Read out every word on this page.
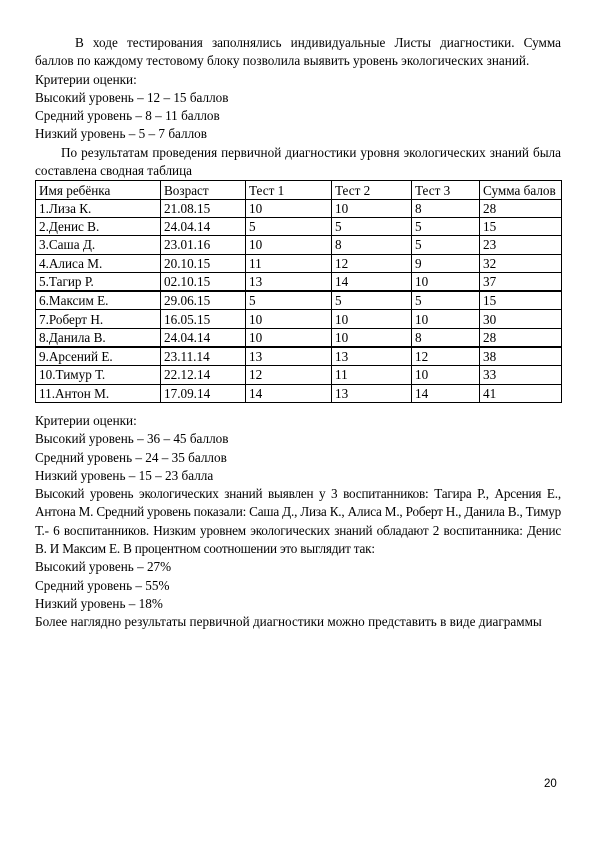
В ходе тестирования заполнялись индивидуальные Листы диагностики. Сумма баллов по каждому тестовому блоку позволила выявить уровень экологических знаний.

Критерии оценки:

Высокий уровень – 12 – 15 баллов

Средний уровень – 8 – 11 баллов

Низкий уровень – 5 – 7 баллов

По результатам проведения первичной диагностики уровня экологических знаний была составлена сводная таблица

Имя ребёнка	Возраст	Тест 1	Тест 2	Тест 3	Сумма балов
1.Лиза К.	21.08.15	10	10	8	28
2.Денис В.	24.04.14	5	5	5	15
3.Саша Д.	23.01.16	10	8	5	23
4.Алиса М.	20.10.15	11	12	9	32
5.Тагир Р.	02.10.15	13	14	10	37
6.Максим Е.	29.06.15	5	5	5	15
7.Роберт Н.	16.05.15	10	10	10	30
8.Данила В.	24.04.14	10	10	8	28
9.Арсений Е.	23.11.14	13	13	12	38
10.Тимур Т.	22.12.14	12	11	10	33
11.Антон М.	17.09.14	14	13	14	41

Критерии оценки:

Высокий уровень – 36 – 45 баллов

Средний уровень – 24 – 35 баллов

Низкий уровень – 15 – 23 балла

Высокий уровень экологических знаний выявлен у 3 воспитанников: Тагира Р., Арсения Е., Антона М. Средний уровень показали: Саша Д., Лиза К., Алиса М., Роберт Н., Данила В., Тимур Т.- 6 воспитанников. Низким уровнем экологических знаний обладают 2 воспитанника: Денис В. И Максим Е. В процентном соотношении это выглядит так:

Высокий уровень – 27%

Средний уровень – 55%

Низкий уровень – 18%

Более наглядно результаты первичной диагностики можно представить в виде диаграммы

20
